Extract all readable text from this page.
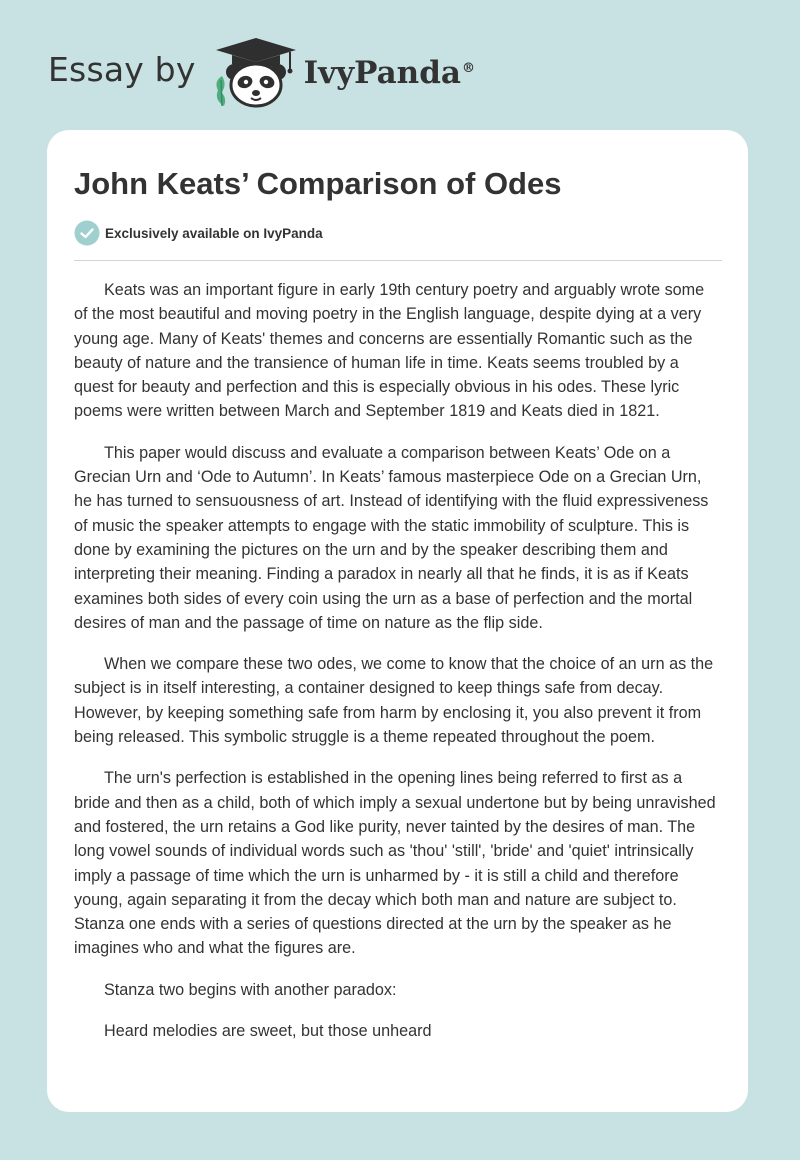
Essay by	IvyPanda®
John Keats’ Comparison of Odes
Exclusively available on IvyPanda

Keats was an important figure in early 19th century poetry and arguably wrote some of the most beautiful and moving poetry in the English language, despite dying at a very young age. Many of Keats' themes and concerns are essentially Romantic such as the beauty of nature and the transience of human life in time. Keats seems troubled by a quest for beauty and perfection and this is especially obvious in his odes. These lyric poems were written between March and September 1819 and Keats died in 1821.

This paper would discuss and evaluate a comparison between Keats’ Ode on a Grecian Urn and ‘Ode to Autumn’. In Keats’ famous masterpiece Ode on a Grecian Urn, he has turned to sensuousness of art. Instead of identifying with the fluid expressiveness of music the speaker attempts to engage with the static immobility of sculpture. This is done by examining the pictures on the urn and by the speaker describing them and interpreting their meaning. Finding a paradox in nearly all that he finds, it is as if Keats examines both sides of every coin using the urn as a base of perfection and the mortal desires of man and the passage of time on nature as the flip side.

When we compare these two odes, we come to know that the choice of an urn as the subject is in itself interesting, a container designed to keep things safe from decay. However, by keeping something safe from harm by enclosing it, you also prevent it from being released. This symbolic struggle is a theme repeated throughout the poem.

The urn's perfection is established in the opening lines being referred to first as a bride and then as a child, both of which imply a sexual undertone but by being unravished and fostered, the urn retains a God like purity, never tainted by the desires of man. The long vowel sounds of individual words such as 'thou' 'still', 'bride' and 'quiet' intrinsically imply a passage of time which the urn is unharmed by - it is still a child and therefore young, again separating it from the decay which both man and nature are subject to. Stanza one ends with a series of questions directed at the urn by the speaker as he imagines who and what the figures are.

Stanza two begins with another paradox:

Heard melodies are sweet, but those unheard
